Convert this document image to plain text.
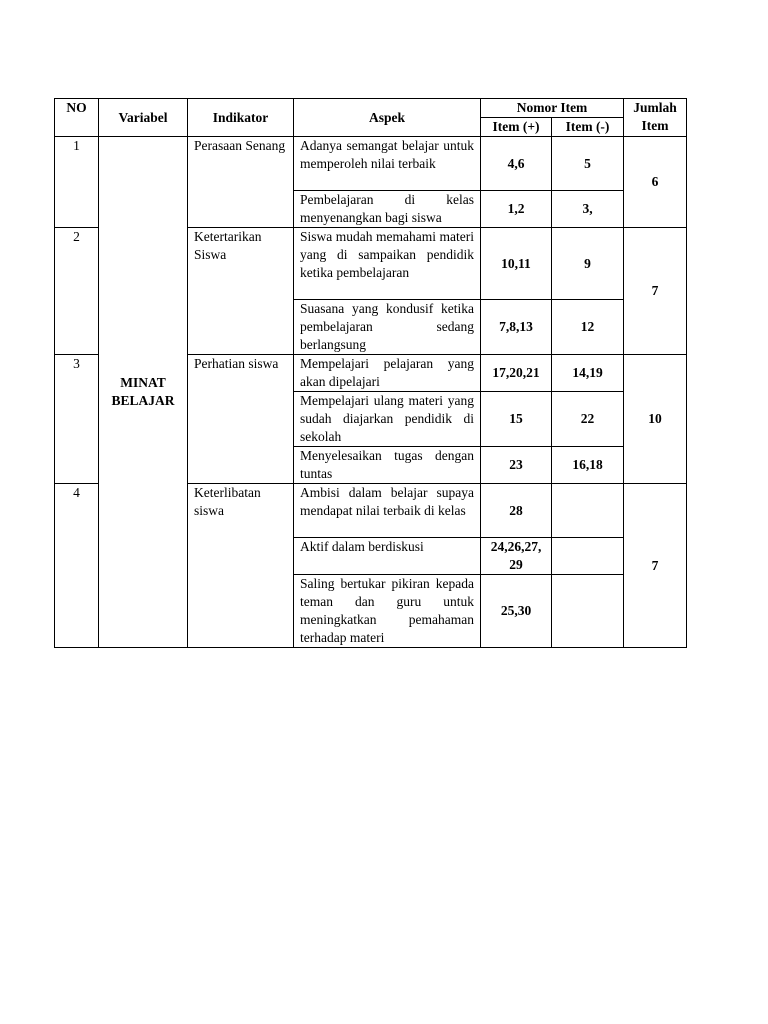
NO	Variabel	Indikator	Aspek	Nomor Item		Jumlah Item
				Item (+)	Item (-)	
1	MINAT BELAJAR	Perasaan Senang	Adanya semangat belajar untuk memperoleh nilai terbaik	4,6	5	6
			Pembelajaran di kelas menyenangkan bagi siswa	1,2	3,	
2		Ketertarikan Siswa	Siswa mudah memahami materi yang di sampaikan pendidik ketika pembelajaran	10,11	9	7
			Suasana yang kondusif ketika pembelajaran sedang berlangsung	7,8,13	12	
3		Perhatian siswa	Mempelajari pelajaran yang akan dipelajari	17,20,21	14,19	10
			Mempelajari ulang materi yang sudah diajarkan pendidik di sekolah	15	22	
			Menyelesaikan tugas dengan tuntas	23	16,18	
4		Keterlibatan siswa	Ambisi dalam belajar supaya mendapat nilai terbaik di kelas	28		7
			Aktif dalam berdiskusi	24,26,27, 29		
			Saling bertukar pikiran kepada teman dan guru untuk meningkatkan pemahaman terhadap materi	25,30		
